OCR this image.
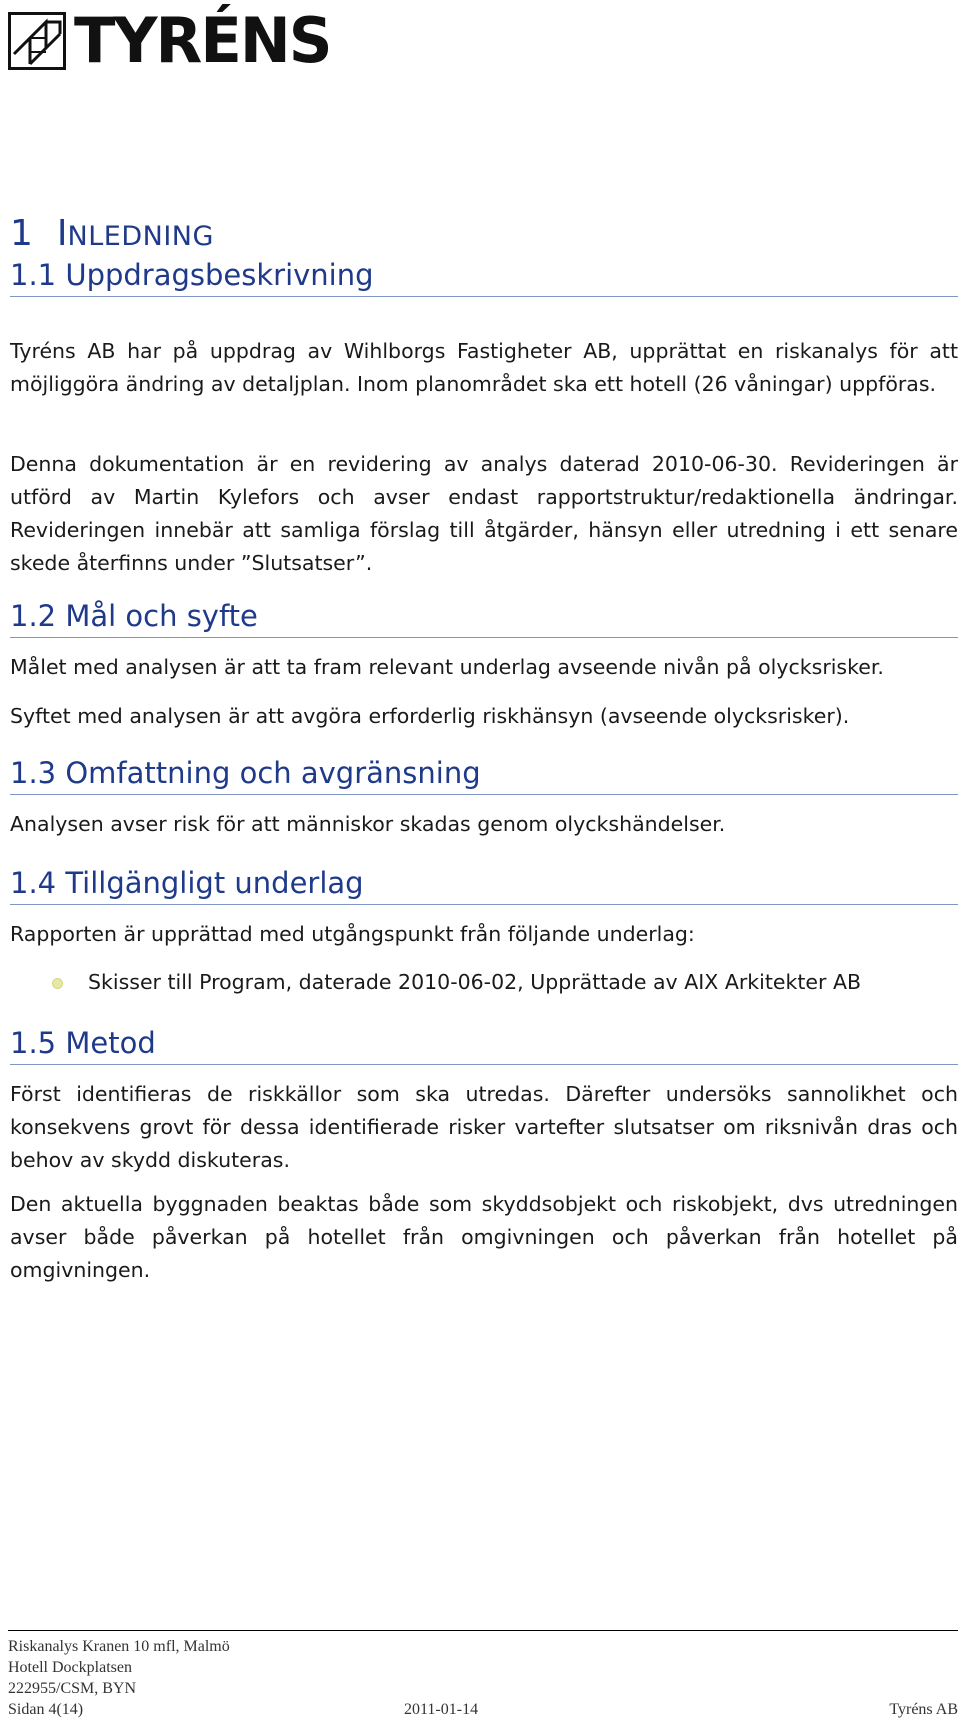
TYRÉNS
1 INLEDNING
1.1 Uppdragsbeskrivning

Tyréns AB har på uppdrag av Wihlborgs Fastigheter AB, upprättat en riskanalys för att möjliggöra ändring av detaljplan. Inom planområdet ska ett hotell (26 våningar) uppföras.

Denna dokumentation är en revidering av analys daterad 2010-06-30. Revideringen är utförd av Martin Kylefors och avser endast rapportstruktur/redaktionella ändringar. Revideringen innebär att samliga förslag till åtgärder, hänsyn eller utredning i ett senare skede återfinns under ”Slutsatser”.

1.2 Mål och syfte

Målet med analysen är att ta fram relevant underlag avseende nivån på olycksrisker.

Syftet med analysen är att avgöra erforderlig riskhänsyn (avseende olycksrisker).

1.3 Omfattning och avgränsning

Analysen avser risk för att människor skadas genom olyckshändelser.

1.4 Tillgängligt underlag

Rapporten är upprättad med utgångspunkt från följande underlag:

Skisser till Program, daterade 2010-06-02, Upprättade av AIX Arkitekter AB
1.5 Metod

Först identifieras de riskkällor som ska utredas. Därefter undersöks sannolikhet och konsekvens grovt för dessa identifierade risker vartefter slutsatser om riksnivån dras och behov av skydd diskuteras.

Den aktuella byggnaden beaktas både som skyddsobjekt och riskobjekt, dvs utredningen avser både påverkan på hotellet från omgivningen och påverkan från hotellet på omgivningen.

Riskanalys Kranen 10 mfl, Malmö
Hotell Dockplatsen
222955/CSM, BYN
Sidan 4(14)	2011-01-14	Tyréns AB
